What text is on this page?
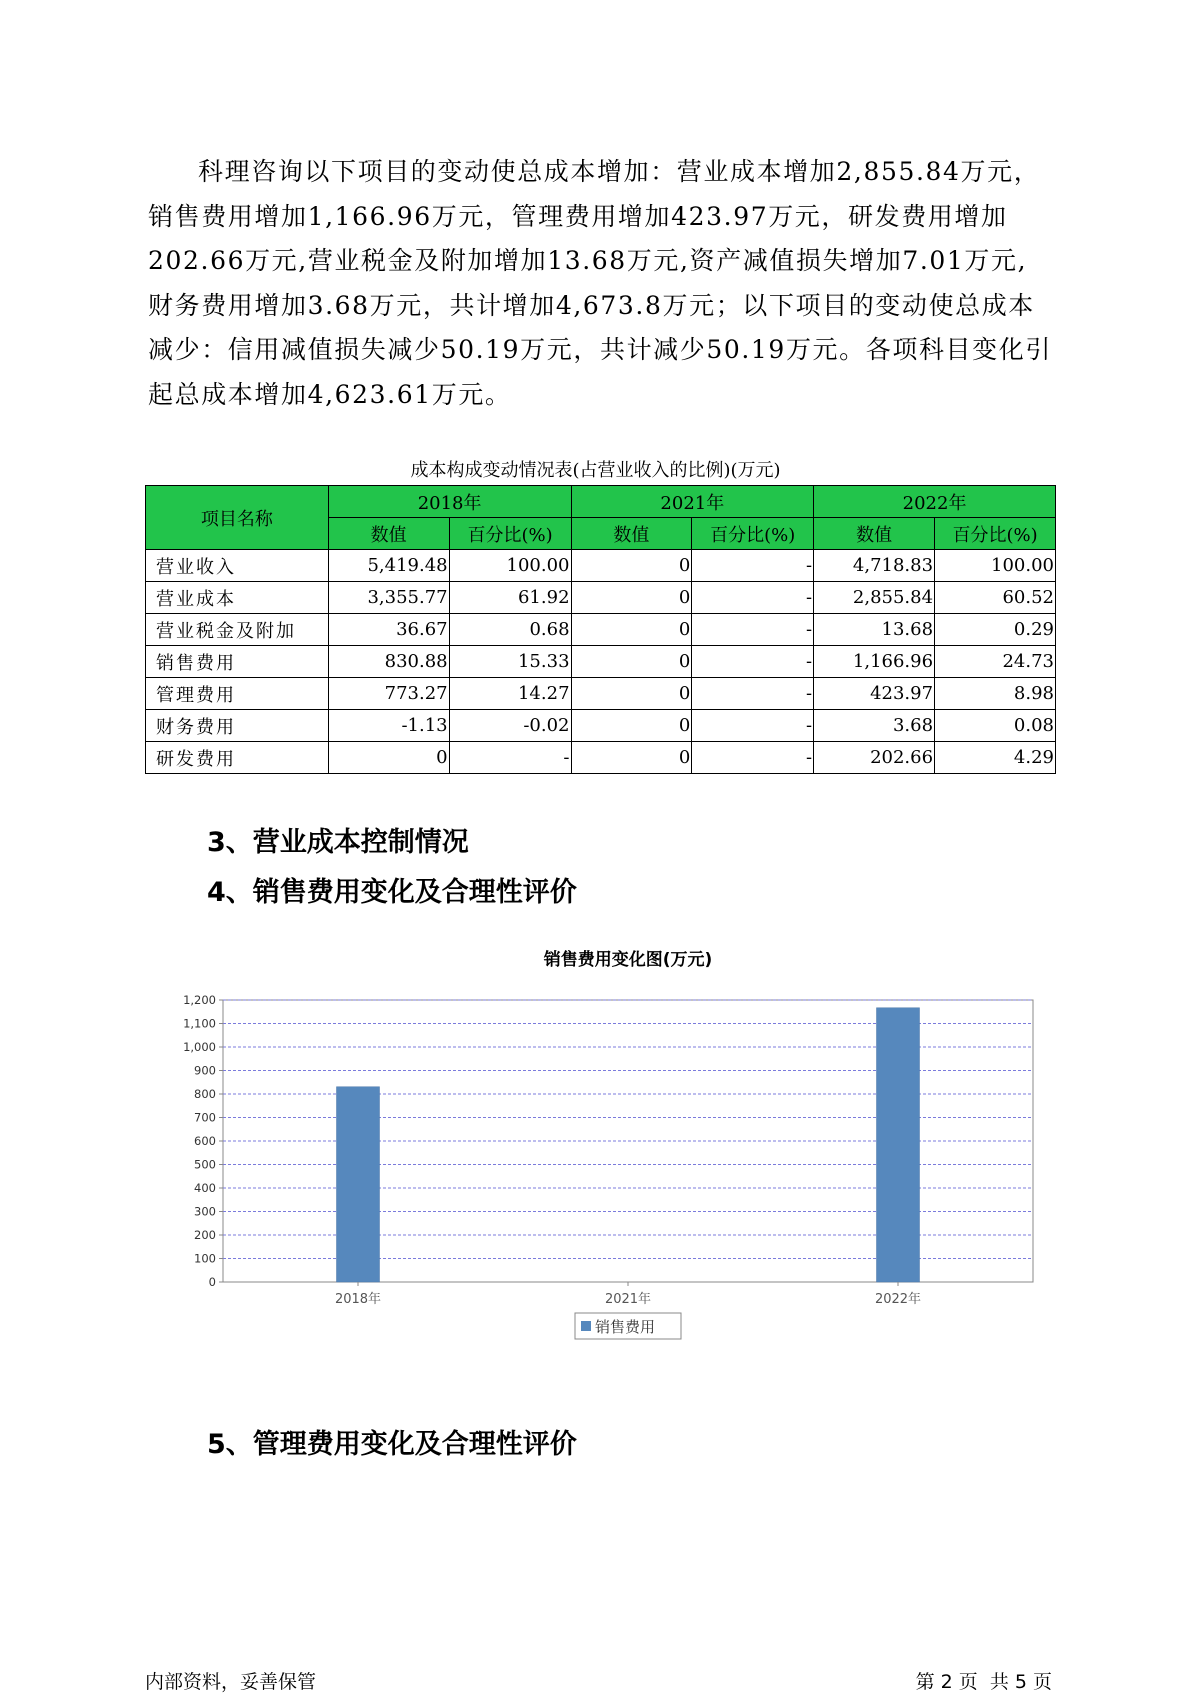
科理咨询以下项目的变动使总成本增加：营业成本增加2,855.84万元，销售费用增加1,166.96万元，管理费用增加423.97万元，研发费用增加202.66万元,营业税金及附加增加13.68万元,资产减值损失增加7.01万元,财务费用增加3.68万元，共计增加4,673.8万元；以下项目的变动使总成本减少：信用减值损失减少50.19万元，共计减少50.19万元。各项科目变化引起总成本增加4,623.61万元。

成本构成变动情况表(占营业收入的比例)(万元)
项目名称	2018年		2021年		2022年	
	数值	百分比(%)	数值	百分比(%)	数值	百分比(%)
营业收入	5,419.48	100.00	0	-	4,718.83	100.00
营业成本	3,355.77	61.92	0	-	2,855.84	60.52
营业税金及附加	36.67	0.68	0	-	13.68	0.29
销售费用	830.88	15.33	0	-	1,166.96	24.73
管理费用	773.27	14.27	0	-	423.97	8.98
财务费用	-1.13	-0.02	0	-	3.68	0.08
研发费用	0	-	0	-	202.66	4.29
3、营业成本控制情况
4、销售费用变化及合理性评价
销售费用变化图(万元)
0
100
200
300
400
500
600
700
800
900
1,000
1,100
1,200
2018年	2021年	2022年
销售费用
5、管理费用变化及合理性评价
内部资料，妥善保管	第 2 页  共 5 页
